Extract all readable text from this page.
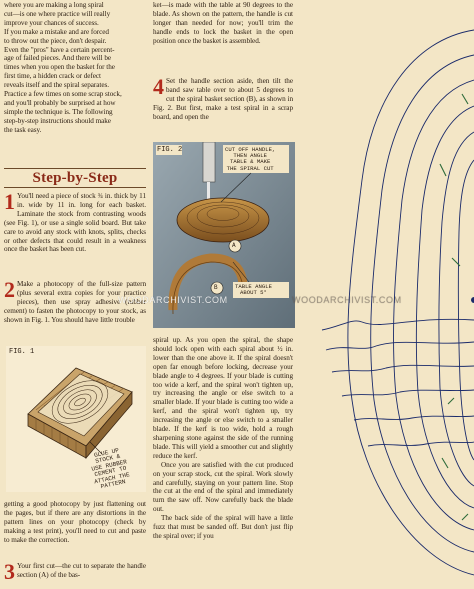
where you are making a long spiral
cut—is one where practice will really
improve your chances of success.
If you make a mistake and are forced
to throw out the piece, don't despair.
Even the "pros" have a certain percent-
age of failed pieces. And there will be
times when you open the basket for the
first time, a hidden crack or defect
reveals itself and the spiral separates.
Practice a few times on some scrap stock,
and you'll probably be surprised at how
simple the technique is. The following
step-by-step instructions should make
the task easy.
Step-by-Step
1 You'll need a piece of stock ¾ in. thick by 11 in. wide by 11 in. long for each basket. Laminate the stock from contrasting woods (see Fig. 1), or use a single solid board. But take care to avoid any stock with knots, splits, checks or other defects that could result in a weakness once the basket has been cut.
2 Make a photocopy of the full-size pattern (plus several extra copies for your practice pieces), then use spray adhesive (rubber cement) to fasten the photocopy to your stock, as shown in Fig. 1. You should have little trouble
FIG. 1
GLUE UP
STOCK &
USE RUBBER
CEMENT TO
ATTACH THE
PATTERN
getting a good photocopy by just flattening out the pages, but if there are any distortions in the pattern lines on your photocopy (check by making a test print), you'll need to cut and paste to make the correction.
3 Your first cut—the cut to separate the handle section (A) of the bas-
ket—is made with the table at 90 degrees to the blade. As shown on the pattern, the handle is cut longer than needed for now; you'll trim the handle ends to lock the basket in the open position once the basket is assembled.
4 Set the handle section aside, then tilt the band saw table over to about 5 degrees to cut the spiral basket section (B), as shown in Fig. 2. But first, make a test spiral in a scrap board, and open the
FIG. 2	CUT OFF HANDLE,
THEN ANGLE
TABLE & MAKE
THE SPIRAL CUT
TABLE ANGLE
ABOUT 5°
A
B

spiral up. As you open the spiral, the shape should lock open with each spiral about ½ in. lower than the one above it. If the spiral doesn't open far enough before locking, decrease your blade angle to 4 degrees. If your blade is cutting too wide a kerf, and the spiral won't tighten up, try increasing the angle or else switch to a smaller blade. If your blade is cutting too wide a kerf, and the spiral won't tighten up, try increasing the angle or else switch to a smaller blade. If the kerf is too wide, hold a rough sharpening stone against the side of the running blade. This will yield a smoother cut and slightly reduce the kerf.

Once you are satisfied with the cut produced on your scrap stock, cut the spiral. Work slowly and carefully, staying on your pattern line. Stop the cut at the end of the spiral and immediately turn the saw off. Now carefully back the blade out.

The back side of the spiral will have a little fuzz that must be sanded off. But don't just flip the spiral over; if you

WOODARCHIVIST.COM	WOODARCHIVIST.COM
